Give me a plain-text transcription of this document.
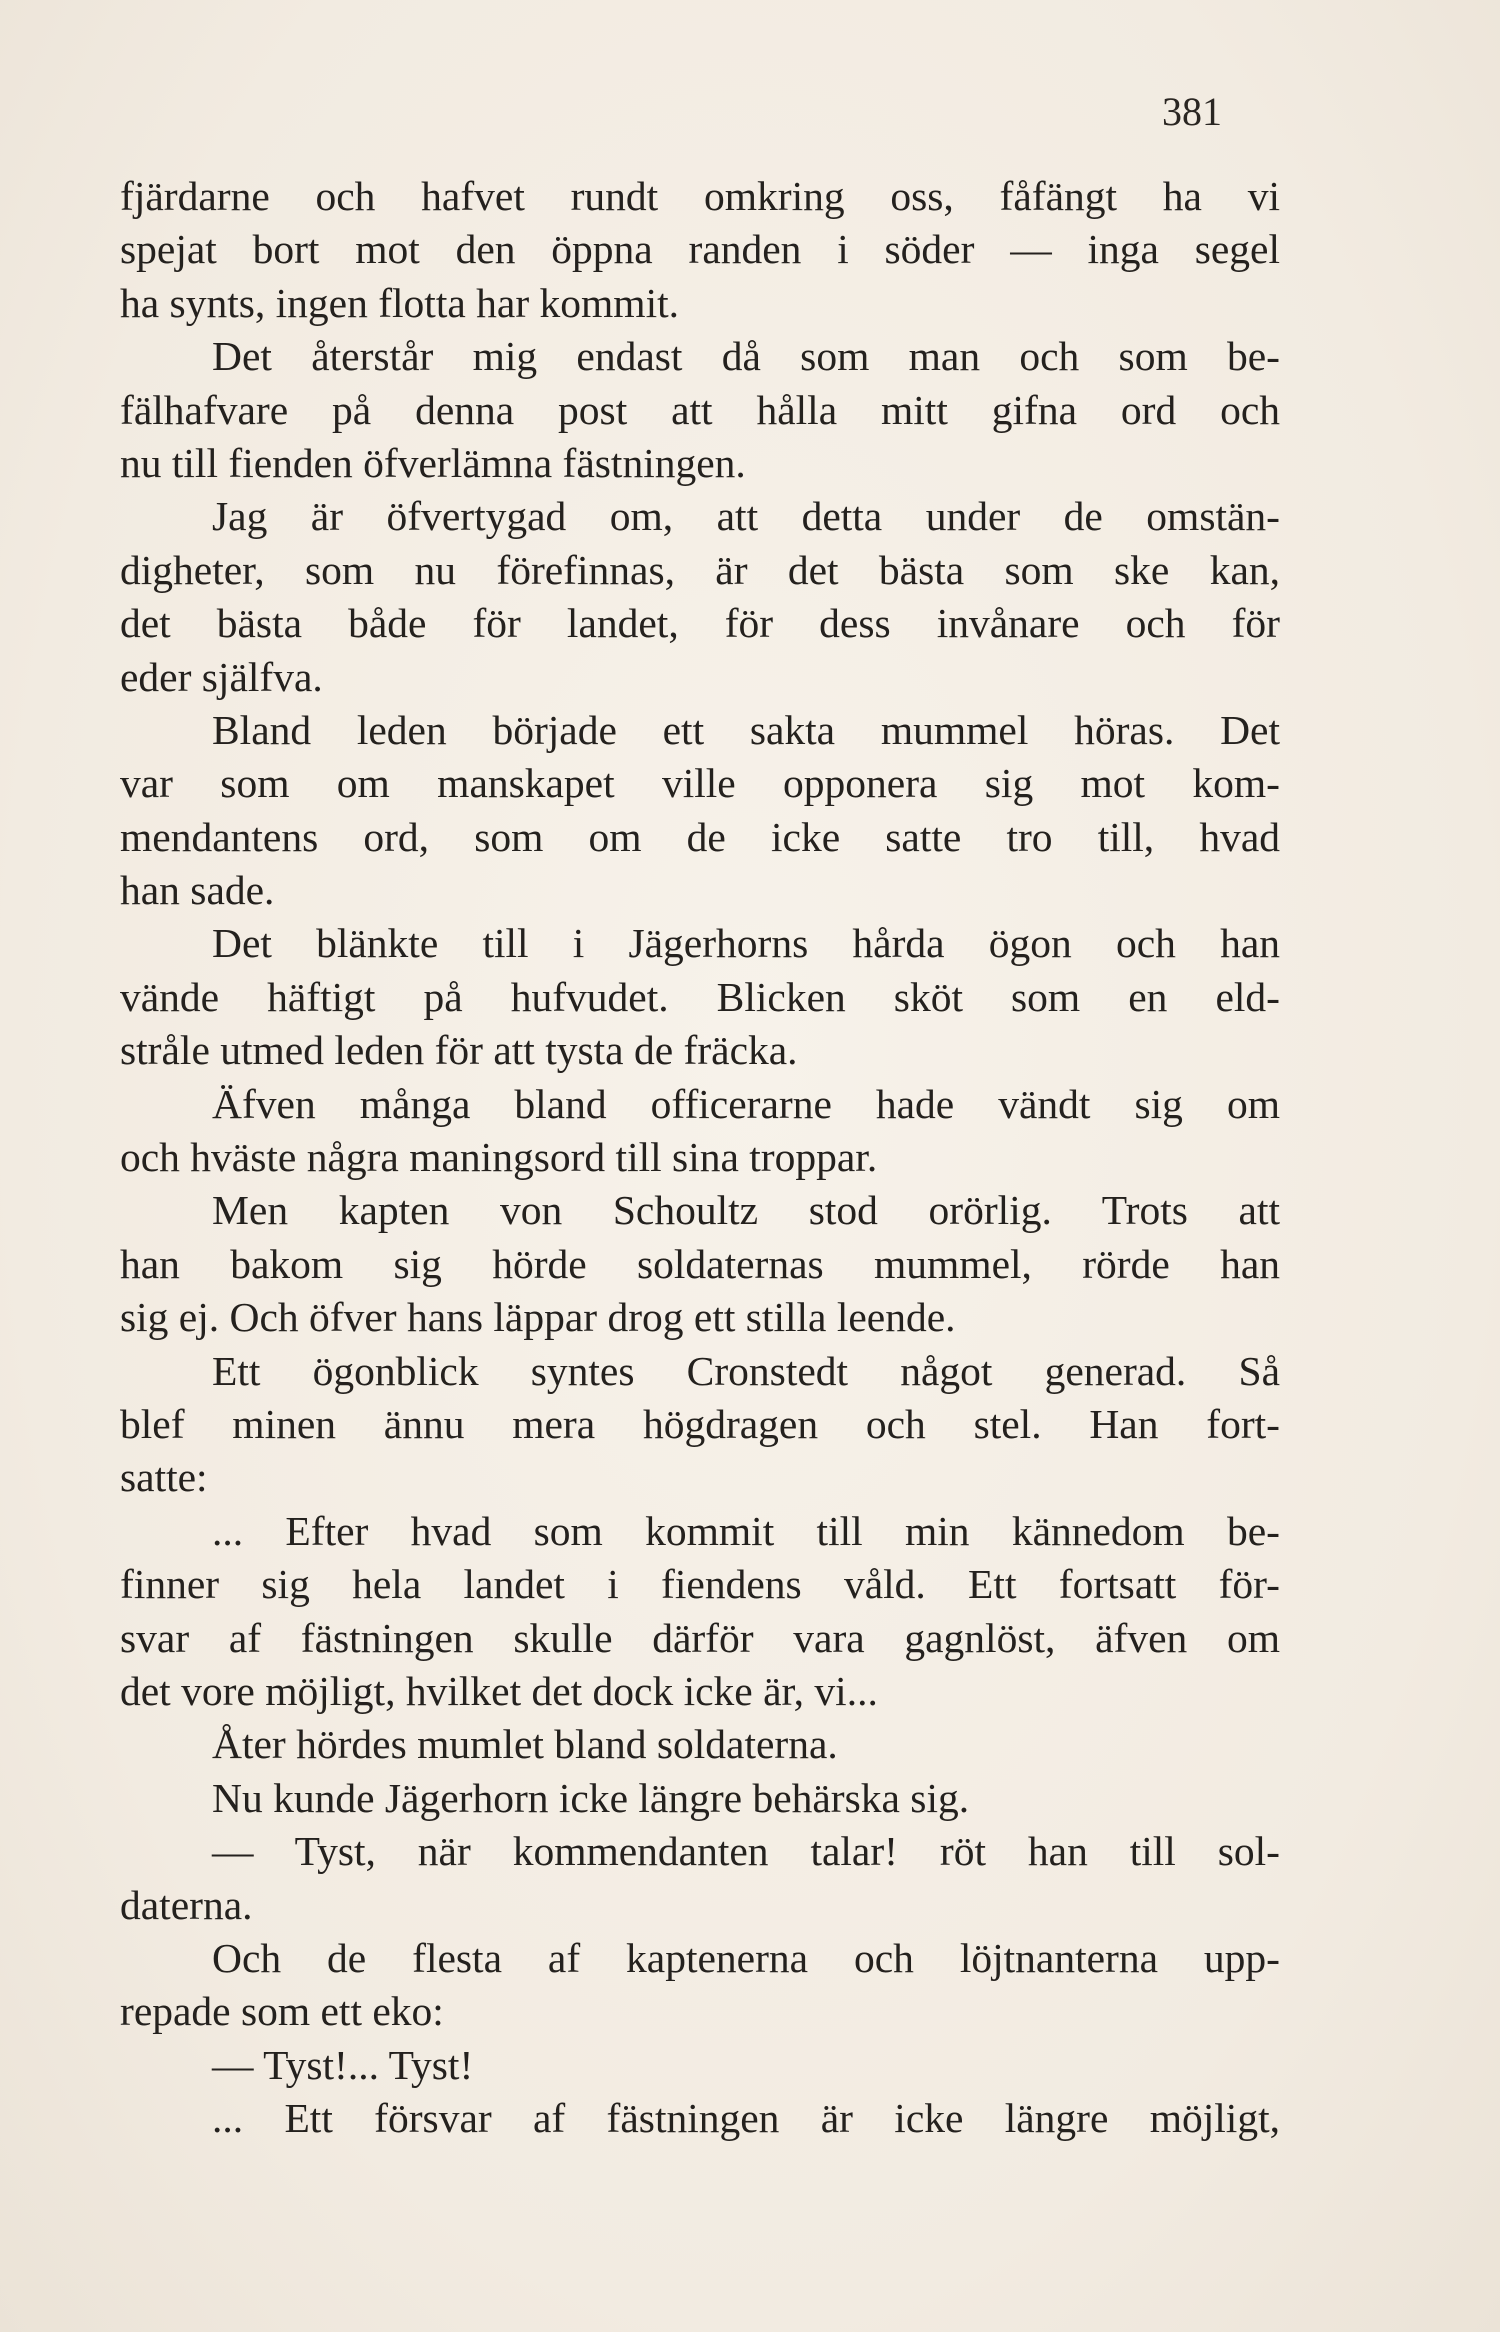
381
fjärdarne och hafvet rundt omkring oss, fåfängt ha vi
spejat bort mot den öppna randen i söder — inga segel
ha synts, ingen flotta har kommit.
Det återstår mig endast då som man och som be-
fälhafvare på denna post att hålla mitt gifna ord och
nu till fienden öfverlämna fästningen.
Jag är öfvertygad om, att detta under de omstän-
digheter, som nu förefinnas, är det bästa som ske kan,
det bästa både för landet, för dess invånare och för
eder själfva.
Bland leden började ett sakta mummel höras. Det
var som om manskapet ville opponera sig mot kom-
mendantens ord, som om de icke satte tro till, hvad
han sade.
Det blänkte till i Jägerhorns hårda ögon och han
vände häftigt på hufvudet. Blicken sköt som en eld-
stråle utmed leden för att tysta de fräcka.
Äfven många bland officerarne hade vändt sig om
och hväste några maningsord till sina troppar.
Men kapten von Schoultz stod orörlig. Trots att
han bakom sig hörde soldaternas mummel, rörde han
sig ej. Och öfver hans läppar drog ett stilla leende.
Ett ögonblick syntes Cronstedt något generad. Så
blef minen ännu mera högdragen och stel. Han fort-
satte:
... Efter hvad som kommit till min kännedom be-
finner sig hela landet i fiendens våld. Ett fortsatt för-
svar af fästningen skulle därför vara gagnlöst, äfven om
det vore möjligt, hvilket det dock icke är, vi...
Åter hördes mumlet bland soldaterna.
Nu kunde Jägerhorn icke längre behärska sig.
— Tyst, när kommendanten talar! röt han till sol-
daterna.
Och de flesta af kaptenerna och löjtnanterna upp-
repade som ett eko:
— Tyst!... Tyst!
... Ett försvar af fästningen är icke längre möjligt,
